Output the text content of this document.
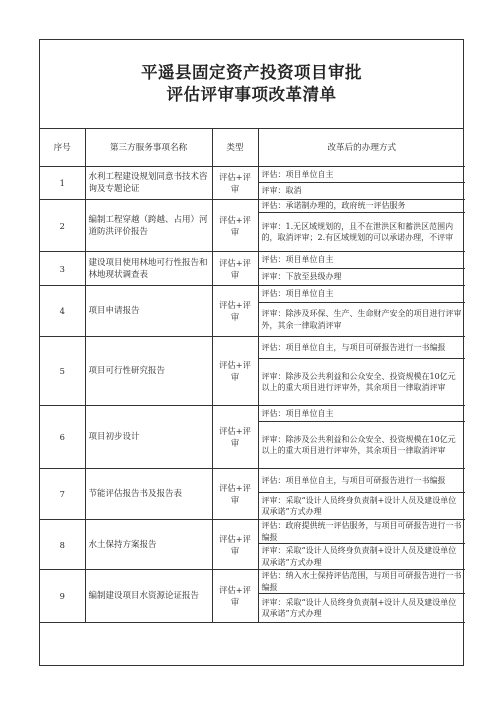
平遥县固定资产投资项目审批
评估评审事项改革清单
序号	第三方服务事项名称	类型	改革后的办理方式
1	水利工程建设规划同意书技术咨询及专题论证	评估+评审	评估：项目单位自主
			评审：取消
2	编制工程穿越（跨越、占用）河道防洪评价报告	评估+评审	评估：承诺制办理的，政府统一评估服务
			评审：1.无区域规划的，且不在泄洪区和蓄洪区范围内的，取消评审；2.有区域规划的可以承诺办理，不评审
3	建设项目使用林地可行性报告和林地现状调查表	评估+评审	评估：项目单位自主
			评审：下放至县级办理
4	项目申请报告	评估+评审	评估：项目单位自主
			评审：除涉及环保、生产、生命财产安全的项目进行评审外，其余一律取消评审
5	项目可行性研究报告	评估+评审	评估：项目单位自主，与项目可研报告进行一书编报
			评审：除涉及公共利益和公众安全、投资规模在10亿元以上的重大项目进行评审外，其余项目一律取消评审
6	项目初步设计	评估+评审	评估：项目单位自主
			评审：除涉及公共利益和公众安全、投资规模在10亿元以上的重大项目进行评审外，其余项目一律取消评审
7	节能评估报告书及报告表	评估+评审	评估：项目单位自主，与项目可研报告进行一书编报
			评审：采取“设计人员终身负责制+设计人员及建设单位双承诺”方式办理
8	水土保持方案报告	评估+评审	评估：政府提供统一评估服务，与项目可研报告进行一书编报
			评审：采取“设计人员终身负责制+设计人员及建设单位双承诺”方式办理
9	编制建设项目水资源论证报告	评估+评审	评估：纳入水土保持评估范围，与项目可研报告进行一书编报
			评审：采取“设计人员终身负责制+设计人员及建设单位双承诺”方式办理
